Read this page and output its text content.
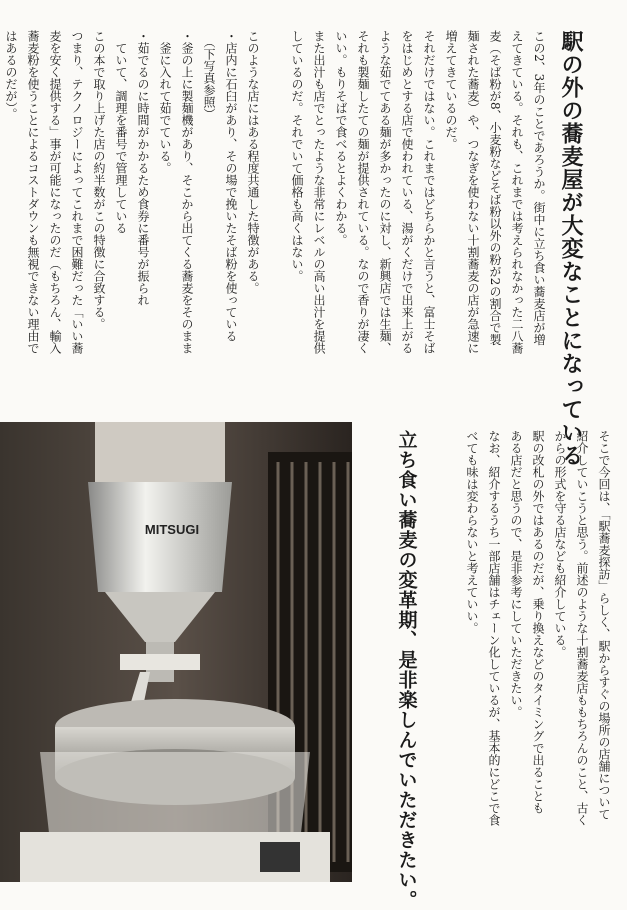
駅の外の蕎麦屋が大変なことになっている
この2、3年のことであろうか。街中に立ち食い蕎麦店が増
えてきている。それも、これまでは考えられなかった二八蕎
麦（そば粉が8、小麦粉などそば粉以外の粉が2の割合で製
麺された蕎麦）や、つなぎを使わない十割蕎麦の店が急速に
増えてきているのだ。
それだけではない。これまではどちらかと言うと、富士そば
をはじめとする店で使われている、湯がくだけで出来上がる
ような茹でてある麺が多かったのに対し、新興店では生麺、
それも製麺したての麺が提供されている。なので香りが凄く
いい。もりそばで食べるとよくわかる。
また出汁も店でとったような非常にレベルの高い出汁を提供
しているのだ。それでいて価格も高くはない。

このような店にはある程度共通した特徴がある。
・店内に石臼があり、その場で挽いたそば粉を使っている
　（下写真参照）
・釜の上に製麺機があり、そこから出てくる蕎麦をそのまま
　釜に入れて茹でている。
・茹でるのに時間がかかるため食券に番号が振られ
　ていて、調理を番号で管理している
この本で取り上げた店の約半数がこの特徴に合致する。
つまり、テクノロジーによってこれまで困難だった「いい蕎
麦を安く提供する」事が可能になったのだ（もちろん、輸入
蕎麦粉を使うことによるコストダウンも無視できない理由で
はあるのだが）。
MITSUGI	立ち食い蕎麦の変革期、是非楽しんでいただきたい。	そこで今回は、「駅蕎麦探訪」らしく、駅からすぐの場所の店舗について
紹介していこうと思う。前述のような十割蕎麦店ももちろんのこと、古く
からの形式を守る店なども紹介している。
駅の改札の外ではあるのだが、乗り換えなどのタイミングで出ることも
ある店だと思うので、是非参考にしていただきたい。
なお、紹介するうち一部店舗はチェーン化しているが、基本的にどこで食
べても味は変わらないと考えていい。
